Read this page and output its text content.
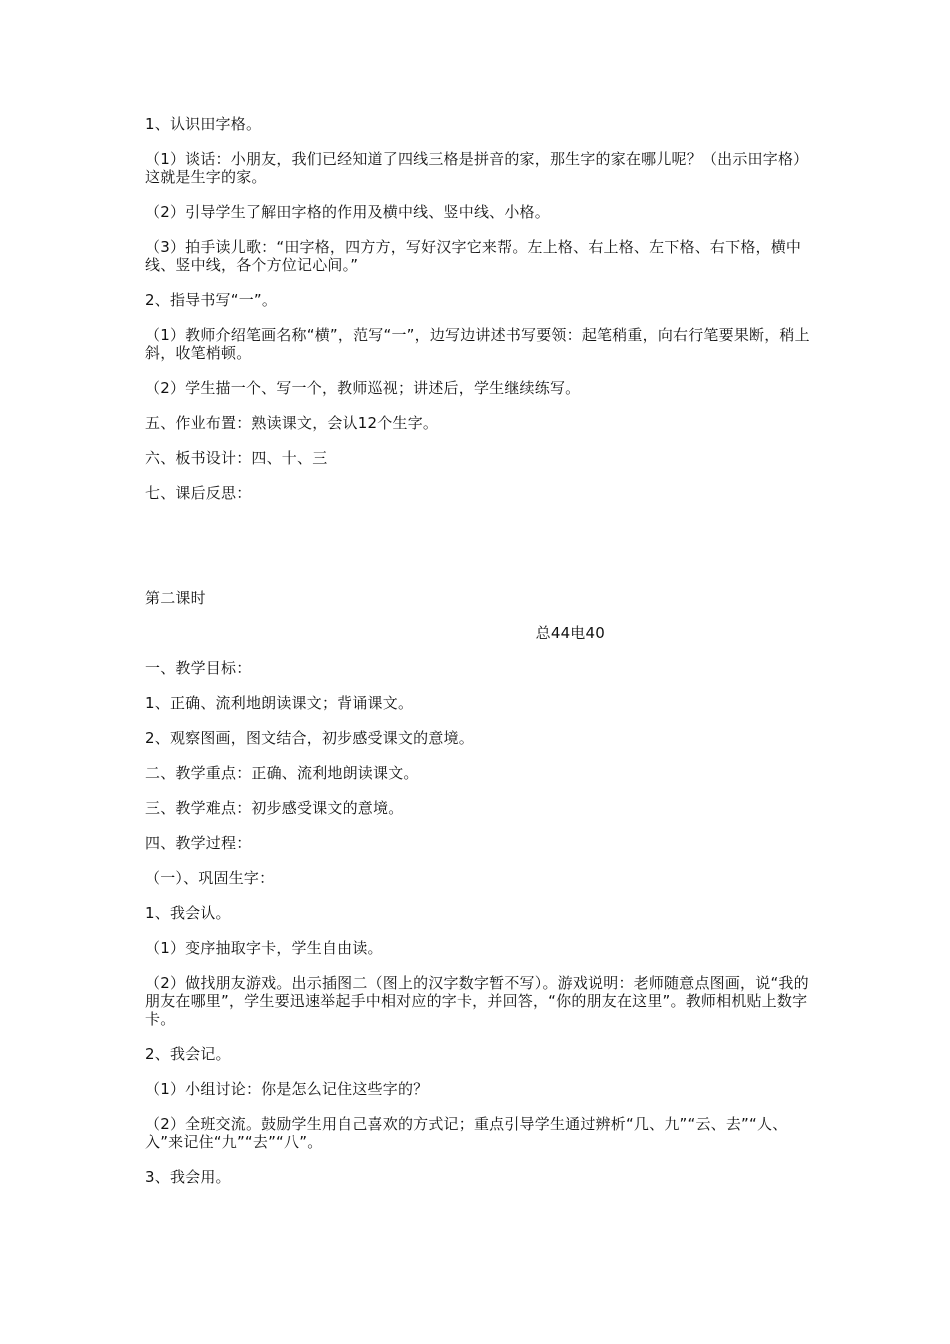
1、认识田字格。

（1）谈话：小朋友，我们已经知道了四线三格是拼音的家，那生字的家在哪儿呢？（出示田字格）这就是生字的家。

（2）引导学生了解田字格的作用及横中线、竖中线、小格。

（3）拍手读儿歌：“田字格，四方方，写好汉字它来帮。左上格、右上格、左下格、右下格，横中线、竖中线，各个方位记心间。”

2、指导书写“一”。

（1）教师介绍笔画名称“横”，范写“一”，边写边讲述书写要领：起笔稍重，向右行笔要果断，稍上斜，收笔梢顿。

（2）学生描一个、写一个，教师巡视；讲述后，学生继续练写。

五、作业布置：熟读课文，会认12个生字。

六、板书设计：四、十、三

七、课后反思：

第二课时

总44电40

一、教学目标：

1、正确、流利地朗读课文；背诵课文。

2、观察图画，图文结合，初步感受课文的意境。

二、教学重点：正确、流利地朗读课文。

三、教学难点：初步感受课文的意境。

四、教学过程：

（一）、巩固生字：

1、我会认。

（1）变序抽取字卡，学生自由读。

（2）做找朋友游戏。出示插图二（图上的汉字数字暂不写）。游戏说明：老师随意点图画，说“我的朋友在哪里”，学生要迅速举起手中相对应的字卡，并回答，“你的朋友在这里”。教师相机贴上数字卡。

2、我会记。

（1）小组讨论：你是怎么记住这些字的？

（2）全班交流。鼓励学生用自己喜欢的方式记；重点引导学生通过辨析“几、九”“云、去”“人、入”来记住“九”“去”“八”。

3、我会用。
